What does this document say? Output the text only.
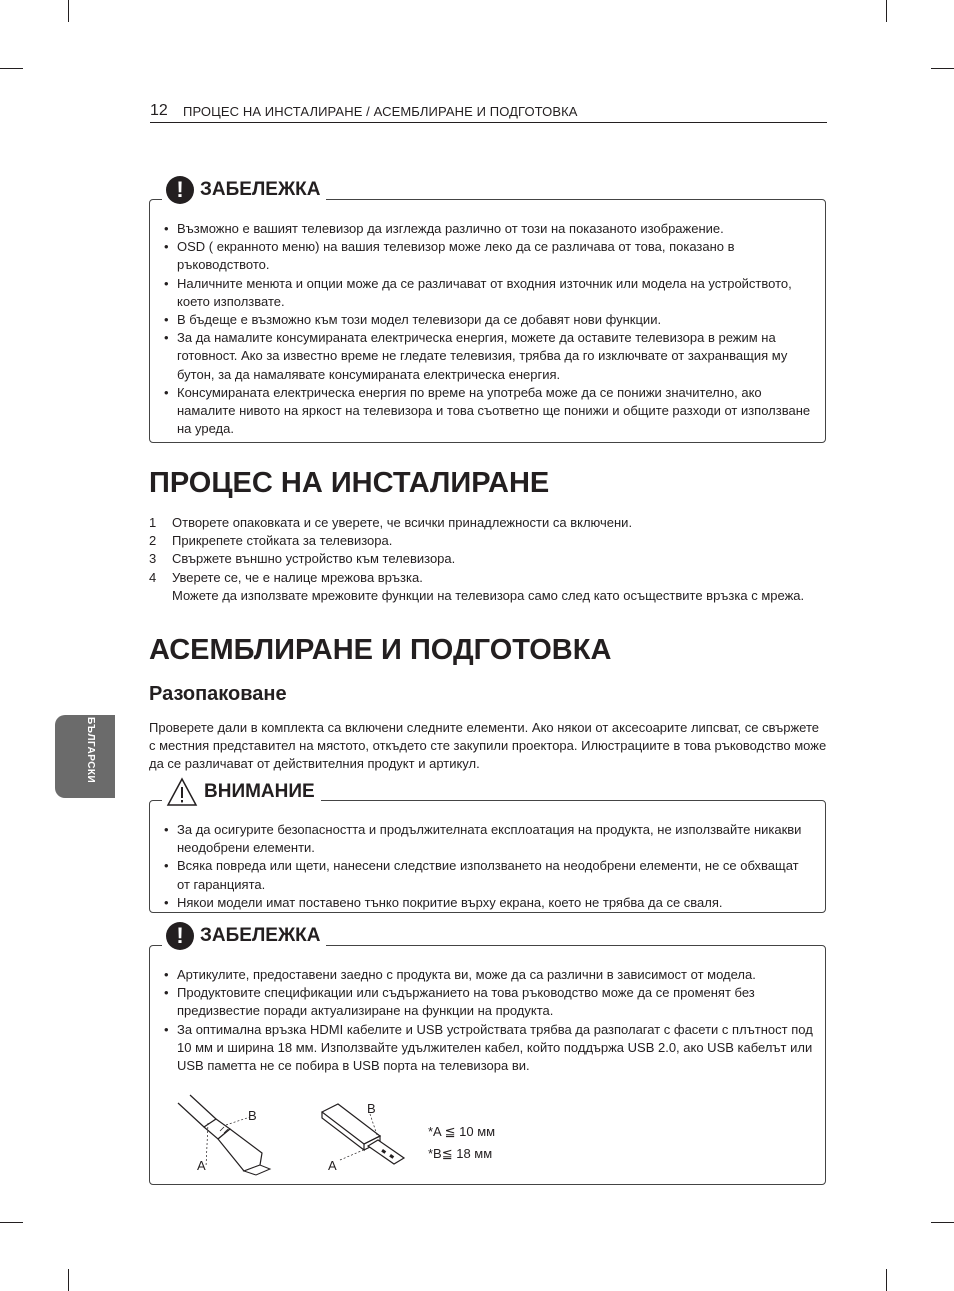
12 ПРОЦЕС НА ИНСТАЛИРАНЕ / АСЕМБЛИРАНЕ И ПОДГОТОВКА
БЪЛГАРСКИ
! ЗАБЕЛЕЖКА
• Възможно е вашият телевизор да изглежда различно от този на показаното изображение.
• OSD ( екранното меню) на вашия телевизор може леко да се различава от това, показано в ръководството.
• Наличните менюта и опции може да се различават от входния източник или модела на устройството, което използвате.
• В бъдеще е възможно към този модел телевизори да се добавят нови функции.
• За да намалите консумираната електрическа енергия, можете да оставите телевизора в режим на готовност. Ако за известно време не гледате телевизия, трябва да го изключвате от захранващия му бутон, за да намалявате консумираната електрическа енергия.
• Консумираната електрическа енергия по време на употреба може да се понижи значително, ако намалите нивото на яркост на телевизора и това съответно ще понижи и общите разходи от използване на уреда.
ПРОЦЕС НА ИНСТАЛИРАНЕ
1 Отворете опаковката и се уверете, че всички принадлежности са включени.
2 Прикрепете стойката за телевизора.
3 Свържете външно устройство към телевизора.
4 Уверете се, че е налице мрежова връзка.
Можете да използвате мрежовите функции на телевизора само след като осъществите връзка с мрежа.
АСЕМБЛИРАНЕ И ПОДГОТОВКА
Разопаковане
Проверете дали в комплекта са включени следните елементи. Ако някои от аксесоарите липсват, се свържете с местния представител на мястото, откъдето сте закупили проектора. Илюстрациите в това ръководство може да се различават от действителния продукт и артикул.
ВНИМАНИЕ
• За да осигурите безопасността и продължителната експлоатация на продукта, не използвайте никакви неодобрени елементи.
• Всяка повреда или щети, нанесени следствие използването на неодобрени елементи, не се обхващат от гаранцията.
• Някои модели имат поставено тънко покритие върху екрана, което не трябва да се сваля.
! ЗАБЕЛЕЖКА
• Артикулите, предоставени заедно с продукта ви, може да са различни в зависимост от модела.
• Продуктовите спецификации или съдържанието на това ръководство може да се променят без предизвестие поради актуализиране на функции на продукта.
• За оптимална връзка HDMI кабелите и USB устройствата трябва да разполагат с фасети с плътност под 10 мм и ширина 18 мм. Използвайте удължителен кабел, който поддържа USB 2.0, ако USB кабелът или USB паметта не се побира в USB порта на телевизора ви.
B
A
B
A
*A ≦ 10 мм
*B≦ 18 мм
